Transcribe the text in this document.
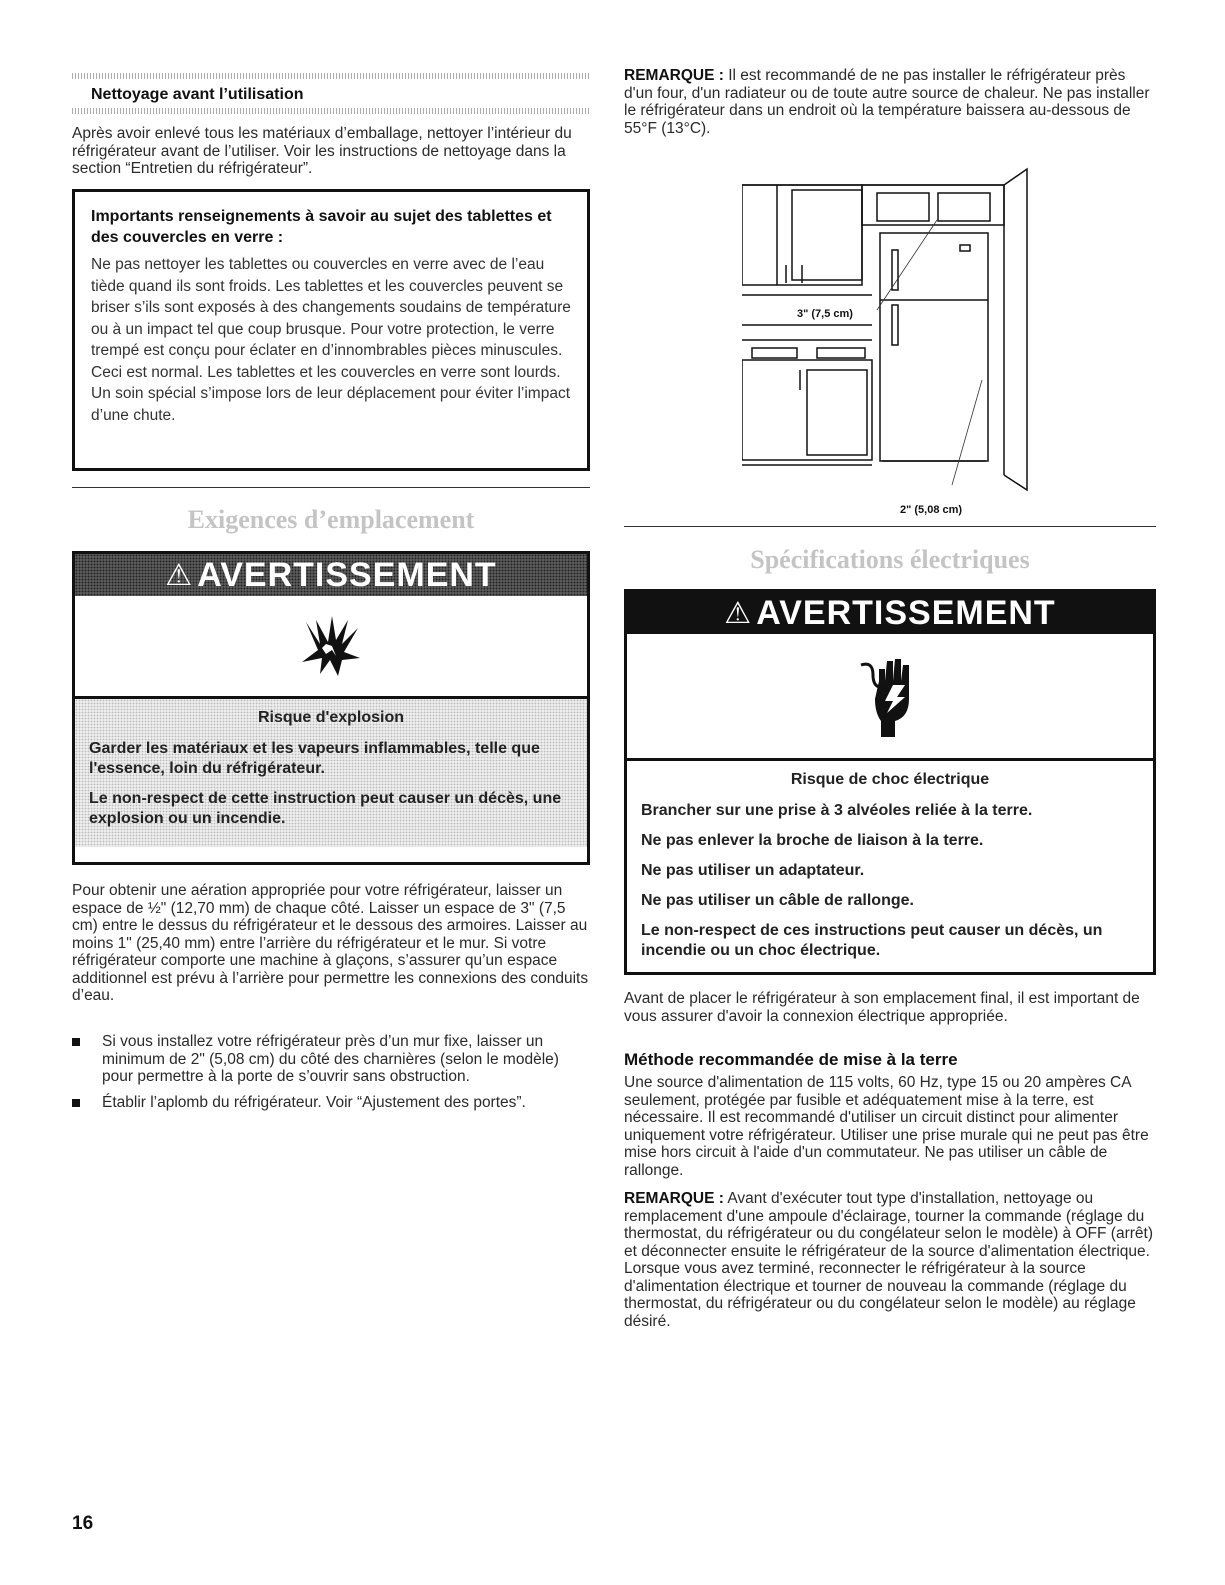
Nettoyage avant l’utilisation

Après avoir enlevé tous les matériaux d’emballage, nettoyer l’intérieur du réfrigérateur avant de l’utiliser. Voir les instructions de nettoyage dans la section “Entretien du réfrigérateur”.

Importants renseignements à savoir au sujet des tablettes et des couvercles en verre :

Ne pas nettoyer les tablettes ou couvercles en verre avec de l’eau tiède quand ils sont froids. Les tablettes et les couvercles peuvent se briser s’ils sont exposés à des changements soudains de température ou à un impact tel que coup brusque. Pour votre protection, le verre trempé est conçu pour éclater en d’innombrables pièces minuscules. Ceci est normal. Les tablettes et les couvercles en verre sont lourds. Un soin spécial s’impose lors de leur déplacement pour éviter l’impact d’une chute.

Exigences d’emplacement
⚠ AVERTISSEMENT

Risque d'explosion

Garder les matériaux et les vapeurs inflammables, telle que l'essence, loin du réfrigérateur.

Le non-respect de cette instruction peut causer un décès, une explosion ou un incendie.

Pour obtenir une aération appropriée pour votre réfrigérateur, laisser un espace de ½" (12,70 mm) de chaque côté. Laisser un espace de 3" (7,5 cm) entre le dessus du réfrigérateur et le dessous des armoires. Laisser au moins 1" (25,40 mm) entre l’arrière du réfrigérateur et le mur. Si votre réfrigérateur comporte une machine à glaçons, s’assurer qu’un espace additionnel est prévu à l’arrière pour permettre les connexions des conduits d’eau.

Si vous installez votre réfrigérateur près d’un mur fixe, laisser un minimum de 2" (5,08 cm) du côté des charnières (selon le modèle) pour permettre à la porte de s’ouvrir sans obstruction.
Établir l’aplomb du réfrigérateur. Voir “Ajustement des portes”.

REMARQUE : Il est recommandé de ne pas installer le réfrigérateur près d'un four, d'un radiateur ou de toute autre source de chaleur. Ne pas installer le réfrigérateur dans un endroit où la température baissera au-dessous de 55°F (13°C).

3" (7,5 cm)
2" (5,08 cm)
Spécifications électriques
⚠ AVERTISSEMENT

Risque de choc électrique

Brancher sur une prise à 3 alvéoles reliée à la terre.

Ne pas enlever la broche de liaison à la terre.

Ne pas utiliser un adaptateur.

Ne pas utiliser un câble de rallonge.

Le non-respect de ces instructions peut causer un décès, un incendie ou un choc électrique.

Avant de placer le réfrigérateur à son emplacement final, il est important de vous assurer d'avoir la connexion électrique appropriée.

Méthode recommandée de mise à la terre

Une source d'alimentation de 115 volts, 60 Hz, type 15 ou 20 ampères CA seulement, protégée par fusible et adéquatement mise à la terre, est nécessaire. Il est recommandé d'utiliser un circuit distinct pour alimenter uniquement votre réfrigérateur. Utiliser une prise murale qui ne peut pas être mise hors circuit à l'aide d'un commutateur. Ne pas utiliser un câble de rallonge.

REMARQUE : Avant d'exécuter tout type d'installation, nettoyage ou remplacement d'une ampoule d'éclairage, tourner la commande (réglage du thermostat, du réfrigérateur ou du congélateur selon le modèle) à OFF (arrêt) et déconnecter ensuite le réfrigérateur de la source d'alimentation électrique. Lorsque vous avez terminé, reconnecter le réfrigérateur à la source d'alimentation électrique et tourner de nouveau la commande (réglage du thermostat, du réfrigérateur ou du congélateur selon le modèle) au réglage désiré.

16
